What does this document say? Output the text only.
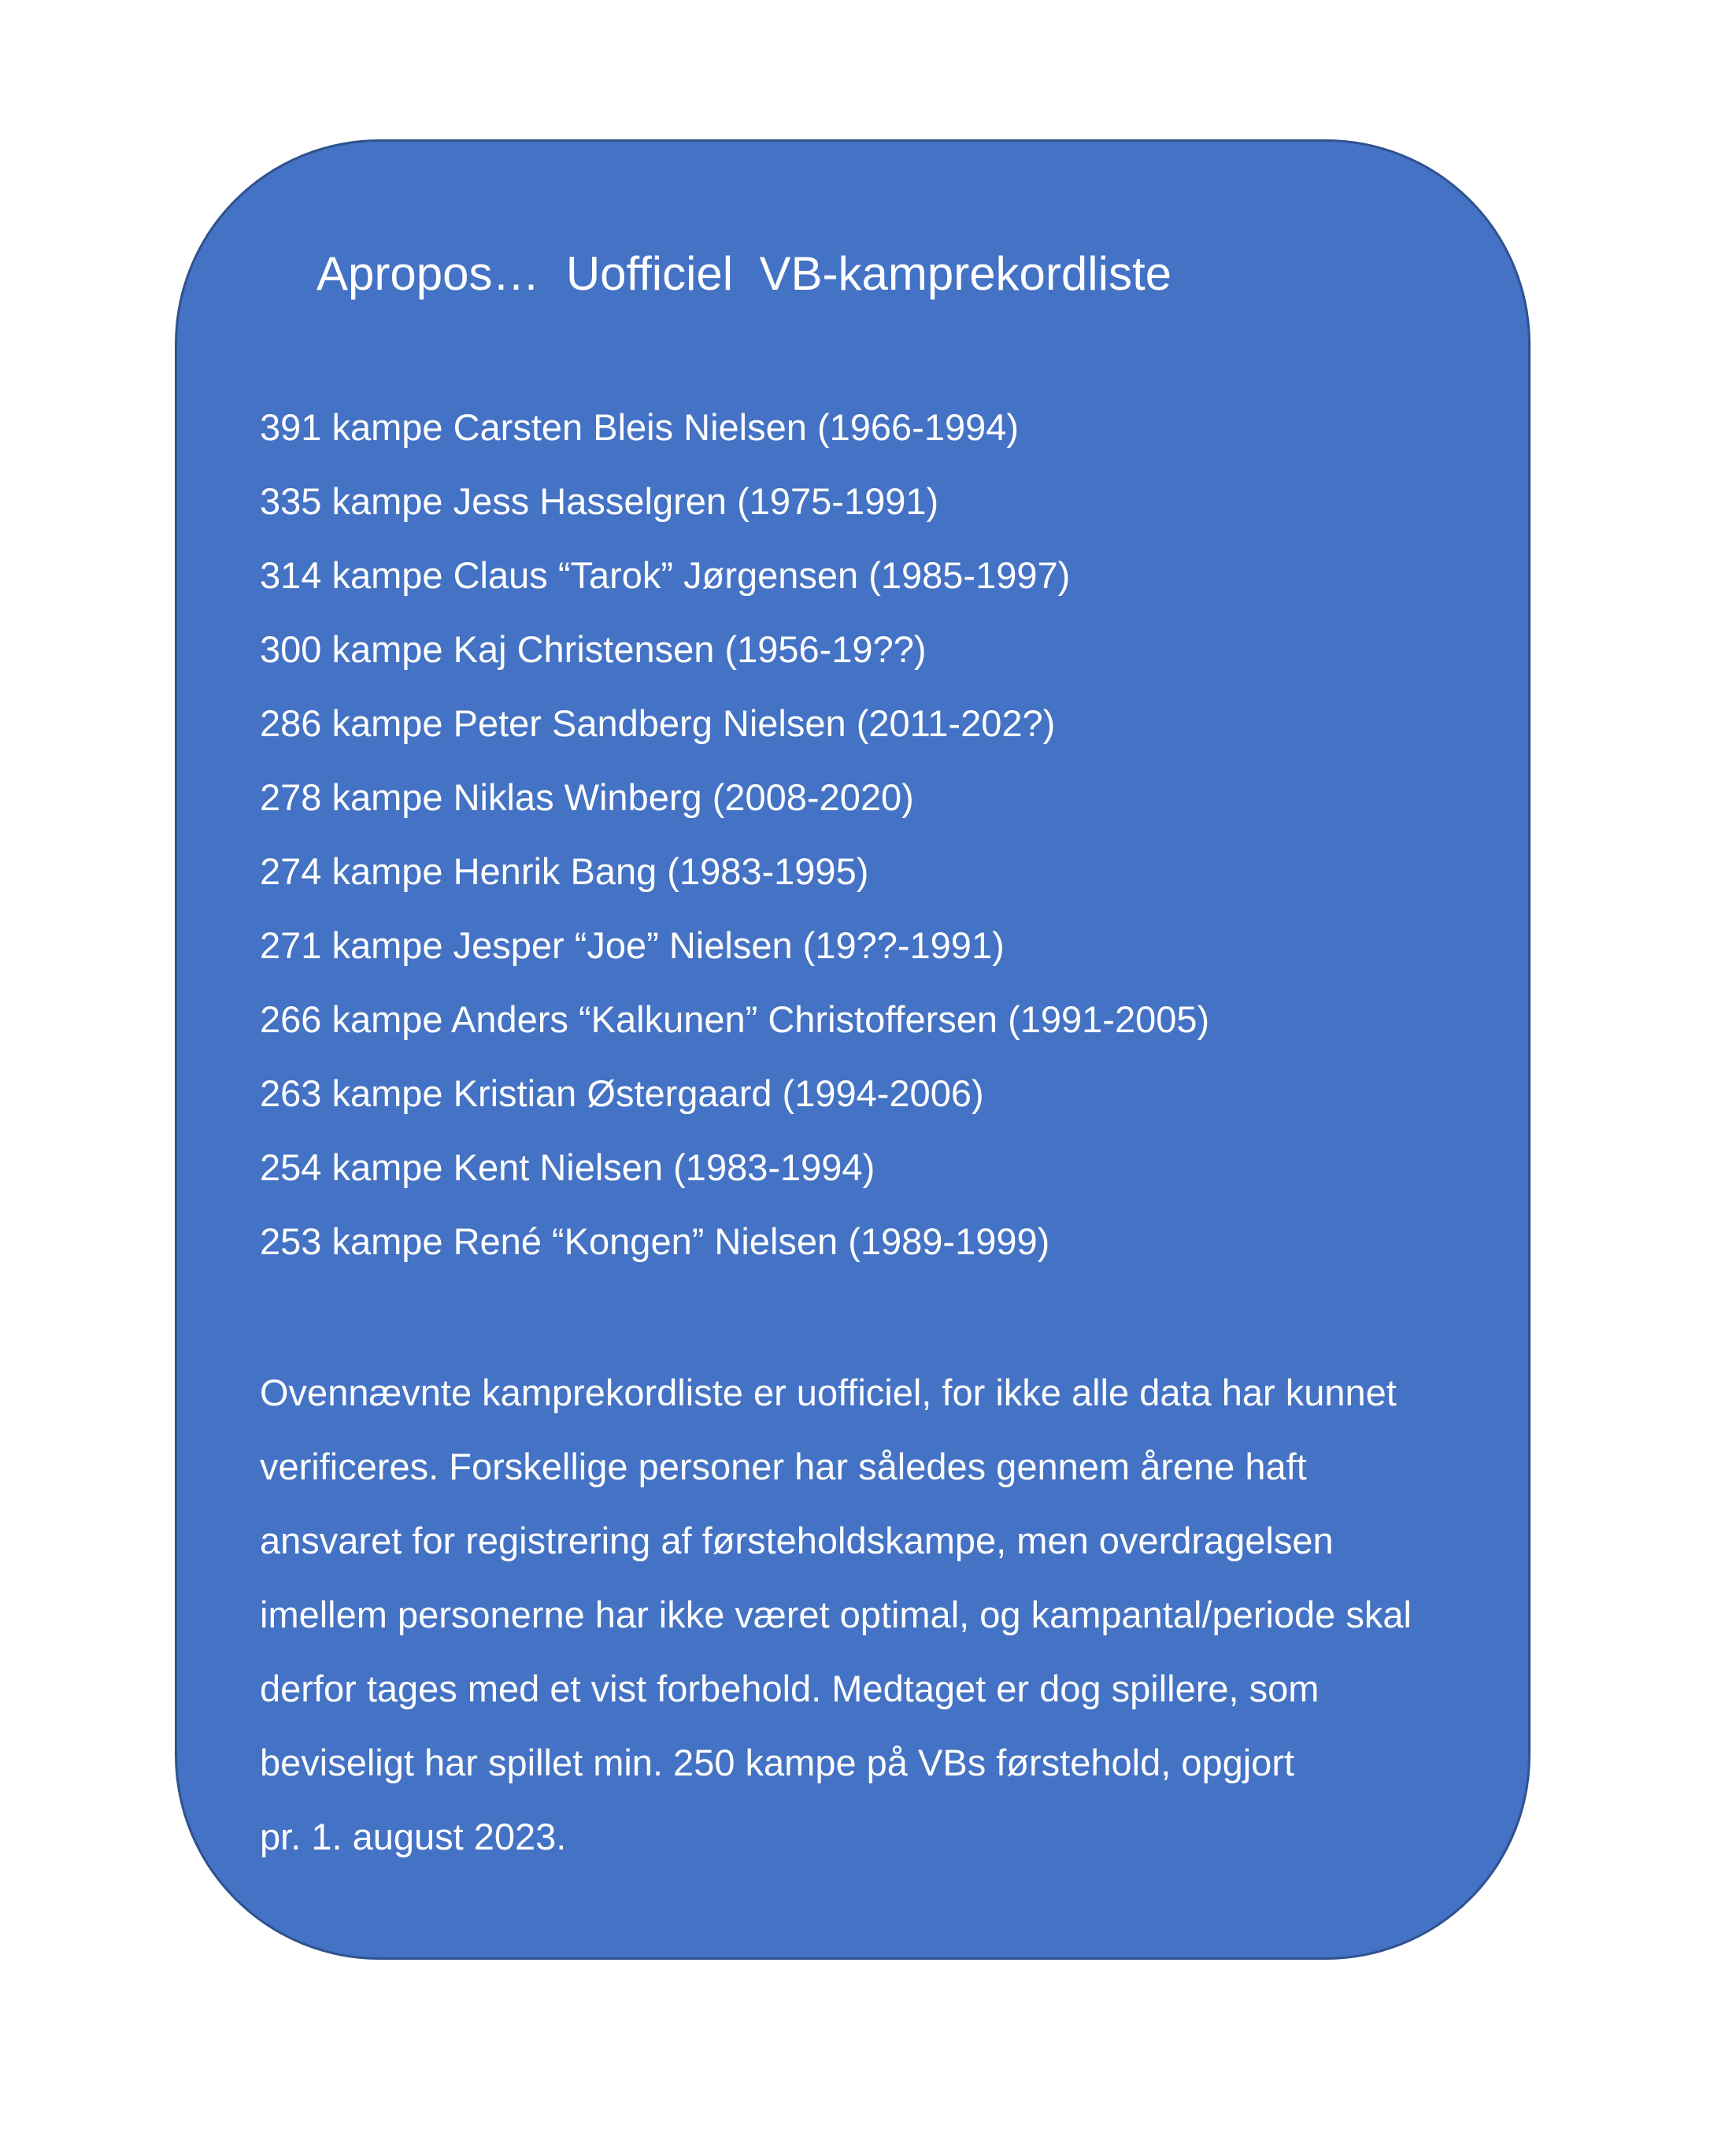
Apropos…  Uofficiel  VB-kamprekordliste
391 kampe Carsten Bleis Nielsen (1966-1994)
335 kampe Jess Hasselgren (1975-1991)
314 kampe Claus “Tarok” Jørgensen (1985-1997)
300 kampe Kaj Christensen (1956-19??)
286 kampe Peter Sandberg Nielsen (2011-202?)
278 kampe Niklas Winberg (2008-2020)
274 kampe Henrik Bang (1983-1995)
271 kampe Jesper “Joe” Nielsen (19??-1991)
266 kampe Anders “Kalkunen” Christoffersen (1991-2005)
263 kampe Kristian Østergaard (1994-2006)
254 kampe Kent Nielsen (1983-1994)
253 kampe René “Kongen” Nielsen (1989-1999)

Ovennævnte kamprekordliste er uofficiel, for ikke alle data har kunnet
verificeres. Forskellige personer har således gennem årene haft
ansvaret for registrering af førsteholdskampe, men overdragelsen
imellem personerne har ikke været optimal, og kampantal/periode skal
derfor tages med et vist forbehold. Medtaget er dog spillere, som
beviseligt har spillet min. 250 kampe på VBs førstehold, opgjort
pr. 1. august 2023.
